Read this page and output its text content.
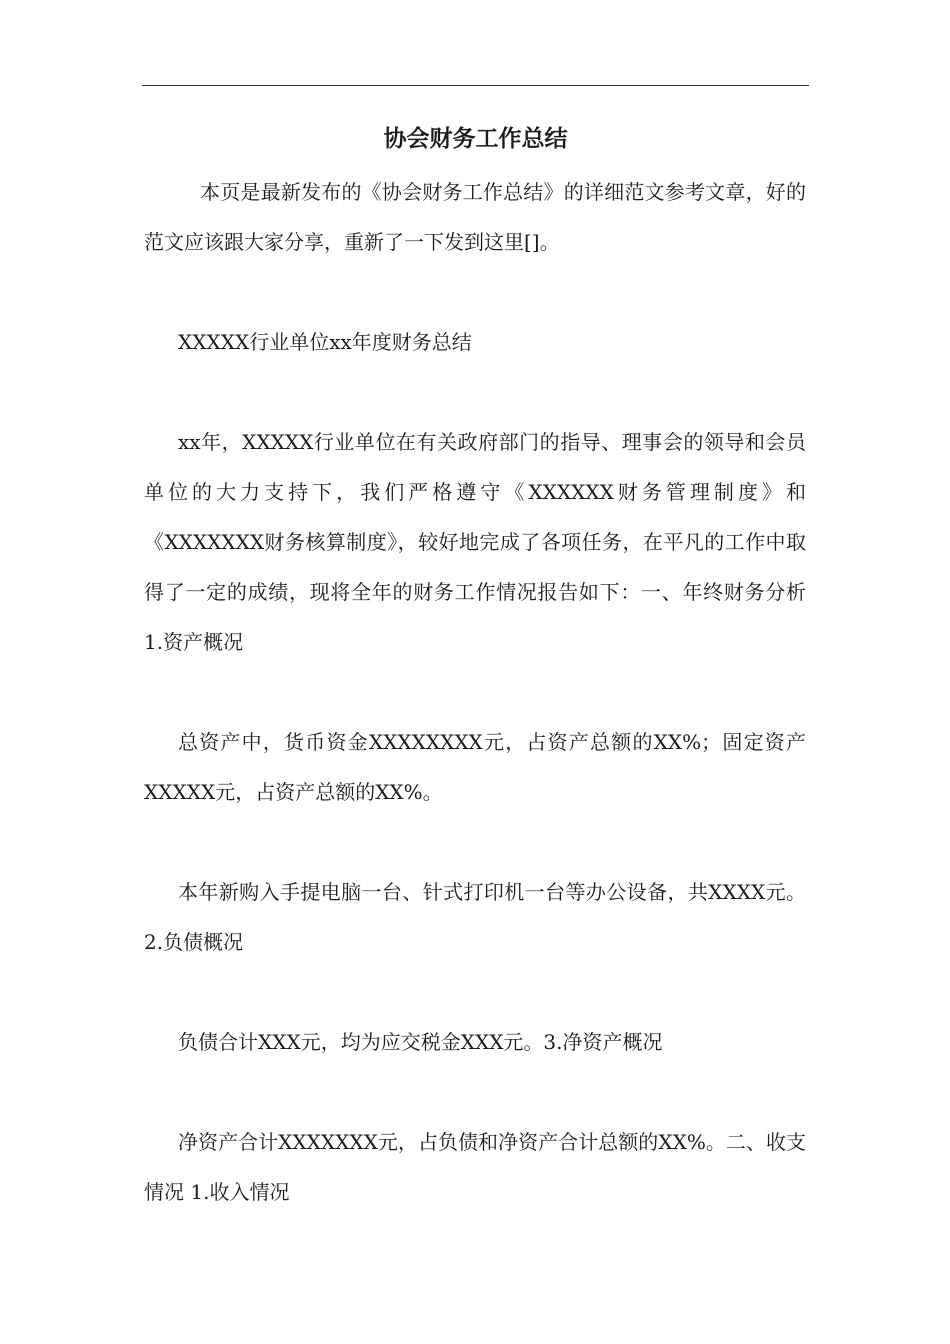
协会财务工作总结

本页是最新发布的《协会财务工作总结》的详细范文参考文章，好的范文应该跟大家分享，重新了一下发到这里[]。

XXXXX行业单位xx年度财务总结

xx年，XXXXX行业单位在有关政府部门的指导、理事会的领导和会员单位的大力支持下，我们严格遵守《XXXXXX财务管理制度》和《XXXXXXX财务核算制度》，较好地完成了各项任务，在平凡的工作中取得了一定的成绩，现将全年的财务工作情况报告如下：一、年终财务分析 1.资产概况

总资产中，货币资金XXXXXXXX元，占资产总额的XX%；固定资产XXXXX元，占资产总额的XX%。

本年新购入手提电脑一台、针式打印机一台等办公设备，共XXXX元。2.负债概况

负债合计XXX元，均为应交税金XXX元。3.净资产概况

净资产合计XXXXXXX元，占负债和净资产合计总额的XX%。二、收支情况 1.收入情况
